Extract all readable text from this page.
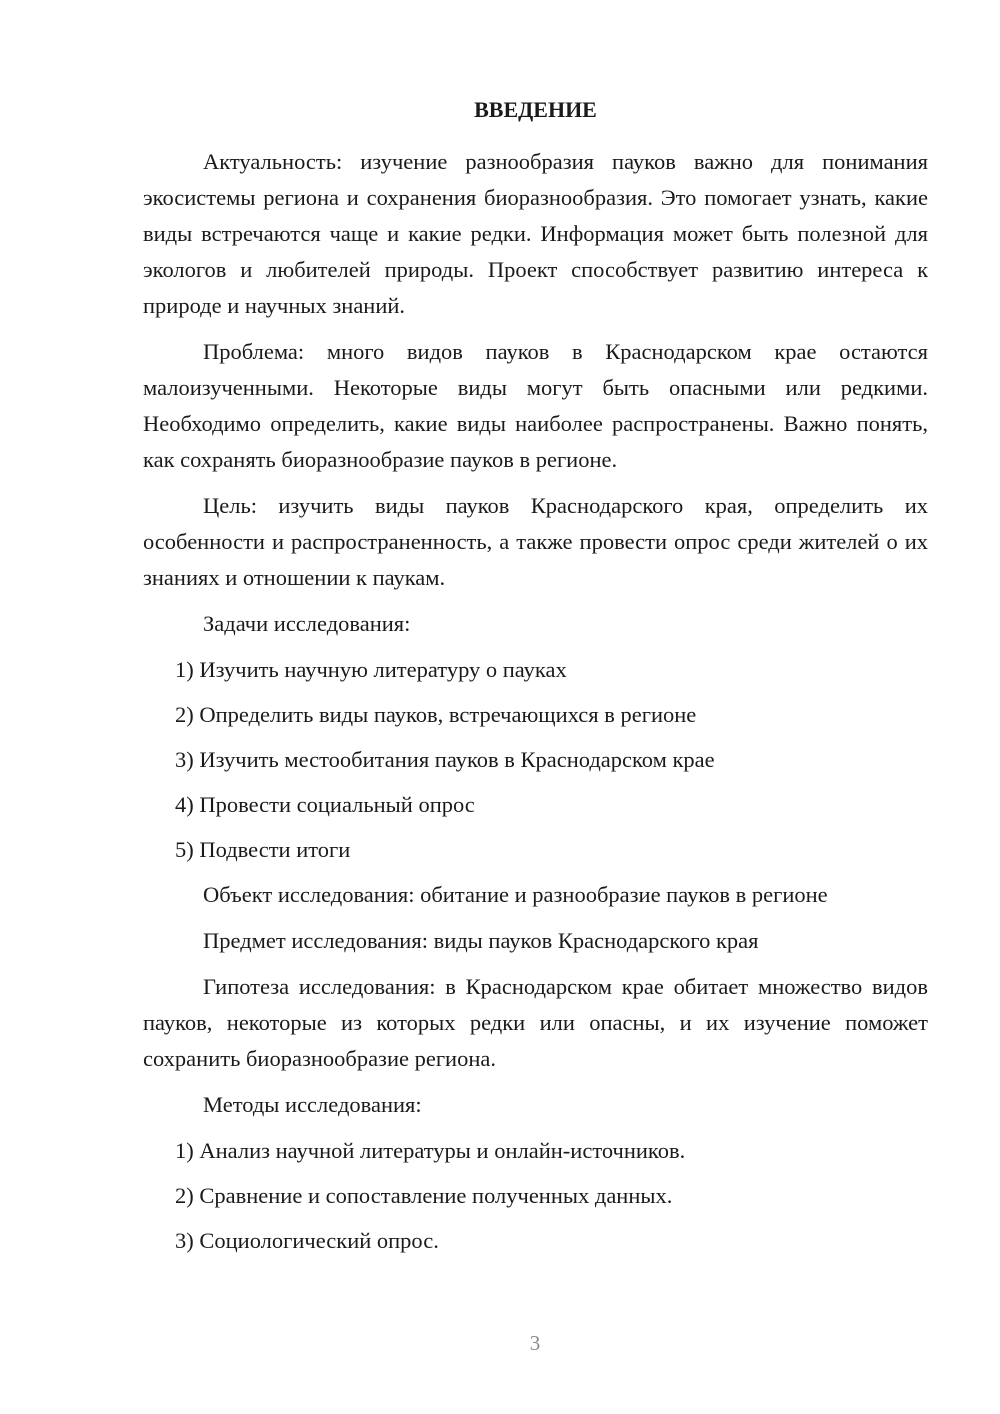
ВВЕДЕНИЕ

Актуальность: изучение разнообразия пауков важно для понимания экосистемы региона и сохранения биоразнообразия. Это помогает узнать, какие виды встречаются чаще и какие редки. Информация может быть полезной для экологов и любителей природы. Проект способствует развитию интереса к природе и научных знаний.

Проблема: много видов пауков в Краснодарском крае остаются малоизученными. Некоторые виды могут быть опасными или редкими. Необходимо определить, какие виды наиболее распространены. Важно понять, как сохранять биоразнообразие пауков в регионе.

Цель: изучить виды пауков Краснодарского края, определить их особенности и распространенность, а также провести опрос среди жителей о их знаниях и отношении к паукам.

Задачи исследования:

1) Изучить научную литературу о пауках

2) Определить виды пауков, встречающихся в регионе

3) Изучить местообитания пауков в Краснодарском крае

4) Провести социальный опрос

5) Подвести итоги

Объект исследования: обитание и разнообразие пауков в регионе

Предмет исследования: виды пауков Краснодарского края

Гипотеза исследования: в Краснодарском крае обитает множество видов пауков, некоторые из которых редки или опасны, и их изучение поможет сохранить биоразнообразие региона.

Методы исследования:

1) Анализ научной литературы и онлайн-источников.

2) Сравнение и сопоставление полученных данных.

3) Социологический опрос.

3
